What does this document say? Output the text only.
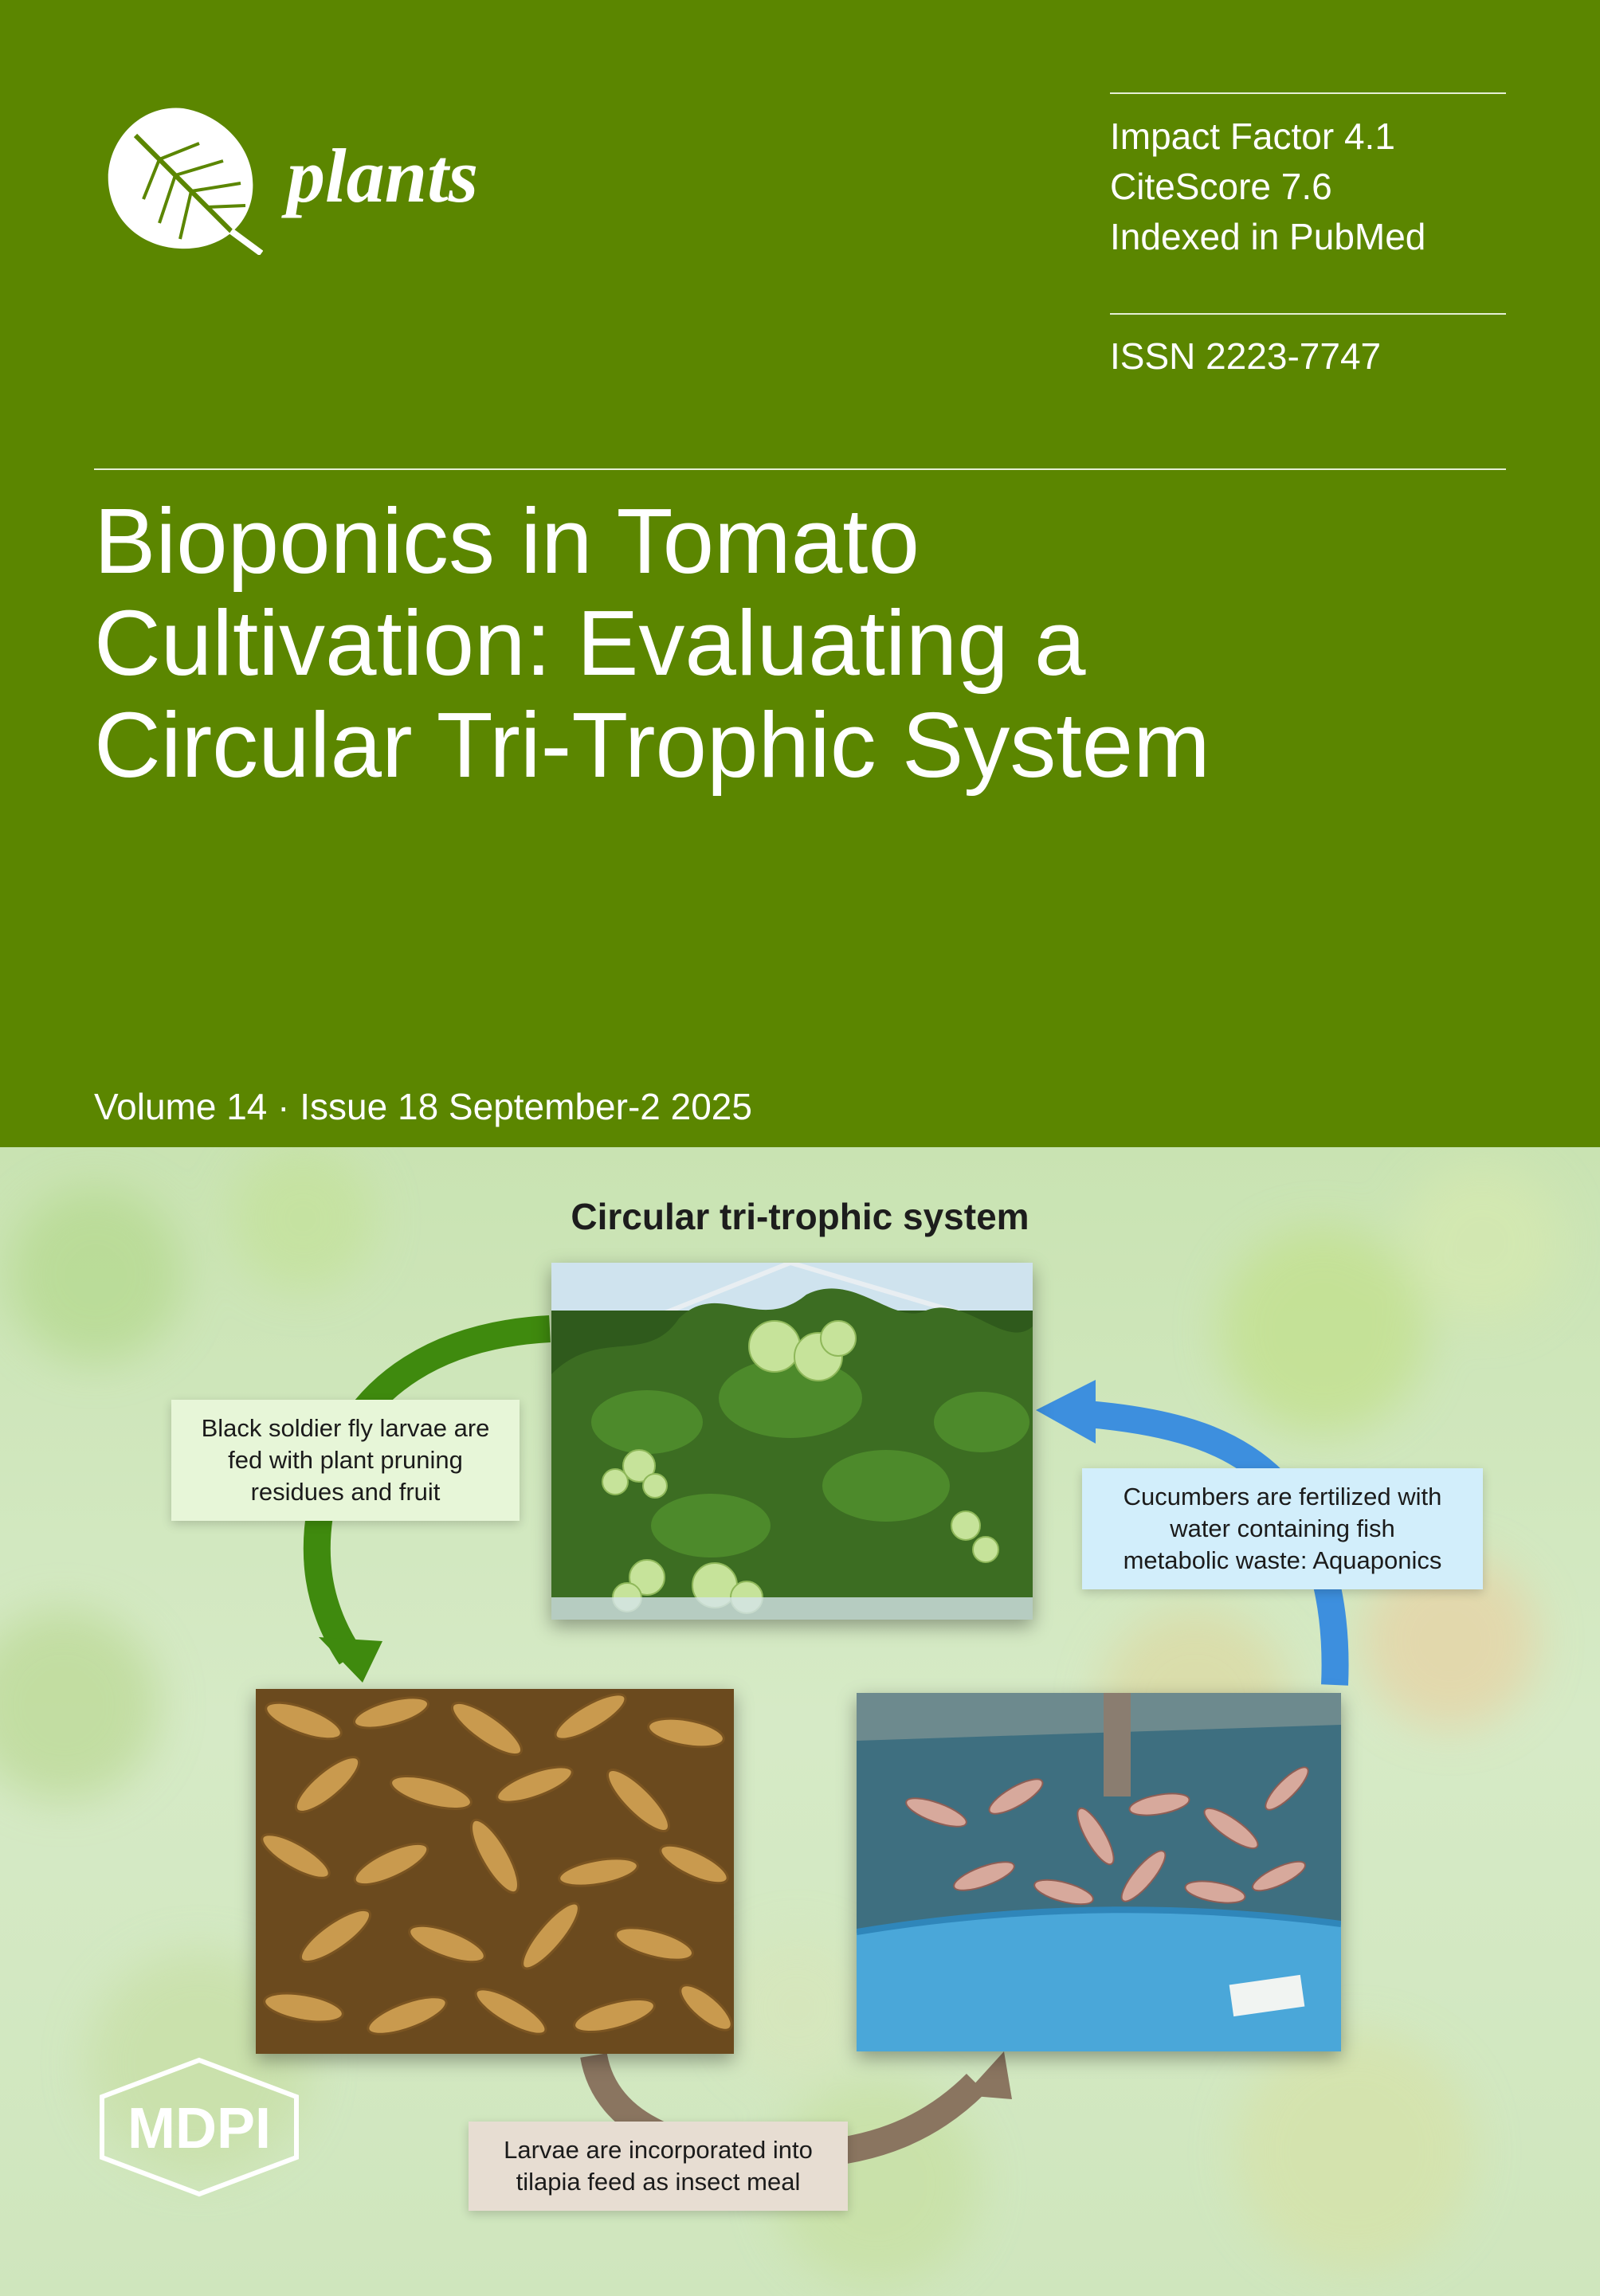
plants	Impact Factor 4.1
CiteScore 7.6
Indexed in PubMed
ISSN 2223-7747
Bioponics in Tomato
Cultivation: Evaluating a
Circular Tri-Trophic System
Volume 14 · Issue 18 September-2 2025
Circular tri-trophic system
Black soldier fly larvae are
fed with plant pruning
residues and fruit	Cucumbers are fertilized with
water containing fish
metabolic waste: Aquaponics
Larvae are incorporated into
tilapia feed as insect meal
MDPI
